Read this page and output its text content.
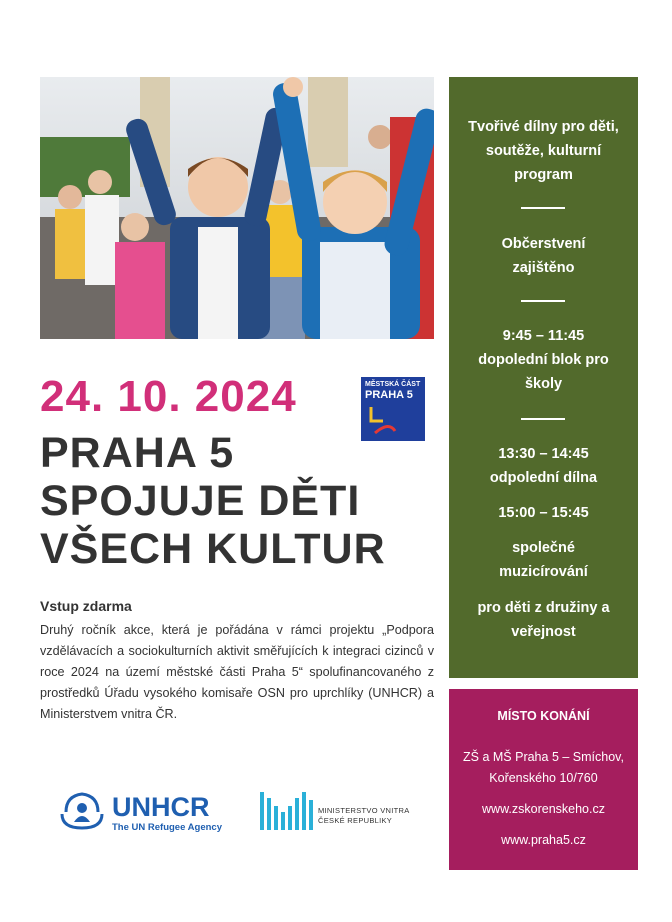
24. 10. 2024	MĚSTSKÁ ČÁST
PRAHA 5
PRAHA 5
SPOJUJE DĚTI
VŠECH KULTUR
Vstup zdarma
Druhý ročník akce, která je pořádána v rámci projektu „Podpora vzdělávacích a sociokulturních aktivit směřujících k integraci cizinců v roce 2024 na území městské části Praha 5“ spolufinancovaného z prostředků Úřadu vysokého komisaře OSN pro uprchlíky (UNHCR) a Ministerstvem vnitra ČR.
UNHCR
The UN Refugee Agency
MINISTERSTVO VNITRA
ČESKÉ REPUBLIKY
Tvořivé dílny pro děti, soutěže, kulturní program
Občerstvení zajištěno
9:45 – 11:45
dopolední blok pro školy
13:30 – 14:45
odpolední dílna
15:00 – 15:45
společné muzicírování
pro děti z družiny a veřejnost
MÍSTO KONÁNÍ
ZŠ a MŠ Praha 5 – Smíchov,
Kořenského 10/760
www.zskorenskeho.cz
www.praha5.cz
